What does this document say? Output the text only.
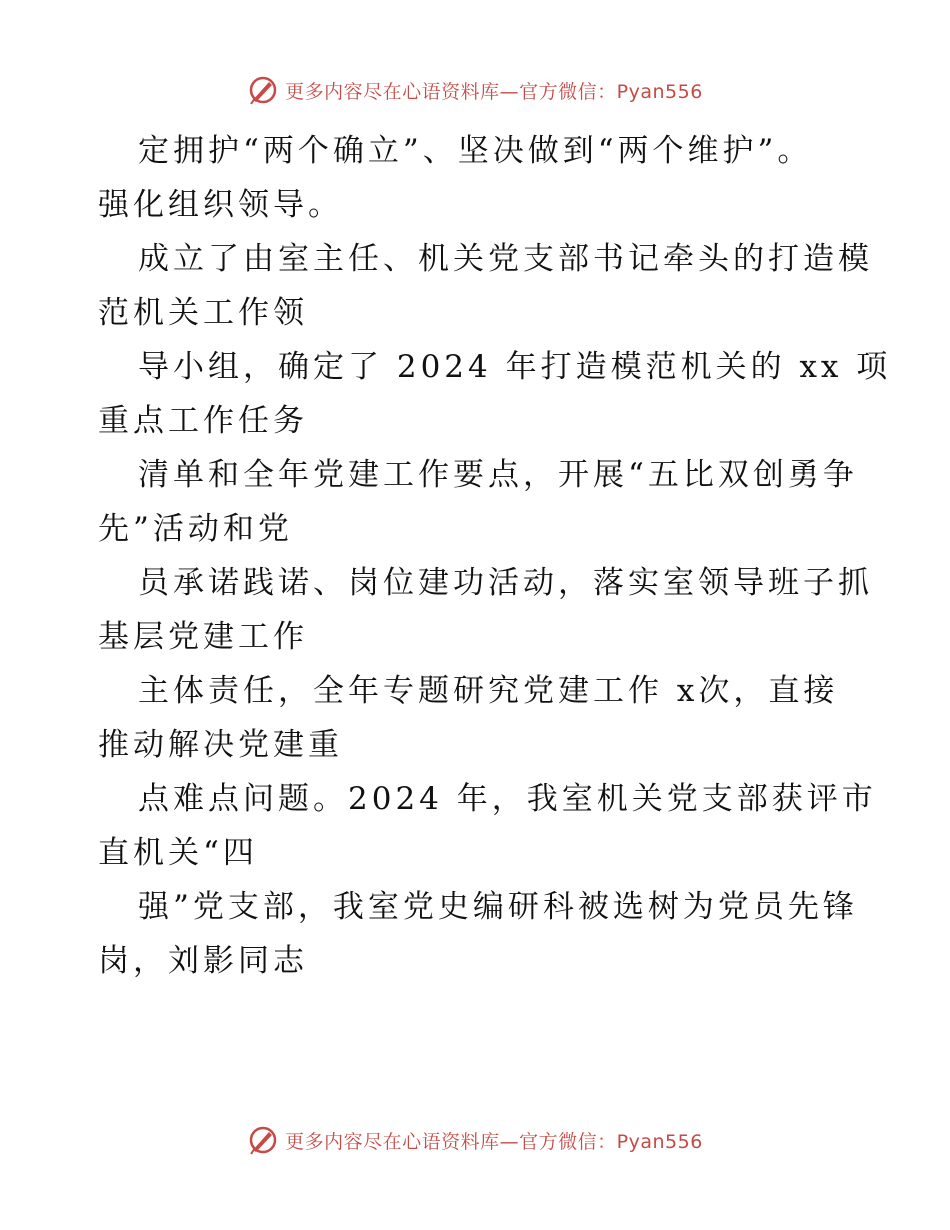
更多内容尽在心语资料库—官方微信：Pyan556
定拥护“两个确立”、坚决做到“两个维护”。
强化组织领导。
成立了由室主任、机关党支部书记牵头的打造模
范机关工作领
导小组，确定了 2024 年打造模范机关的 xx 项
重点工作任务
清单和全年党建工作要点，开展“五比双创勇争
先”活动和党
员承诺践诺、岗位建功活动，落实室领导班子抓
基层党建工作
主体责任，全年专题研究党建工作 x次，直接
推动解决党建重
点难点问题。2024 年，我室机关党支部获评市
直机关“四
强”党支部，我室党史编研科被选树为党员先锋
岗，刘影同志
更多内容尽在心语资料库—官方微信：Pyan556
